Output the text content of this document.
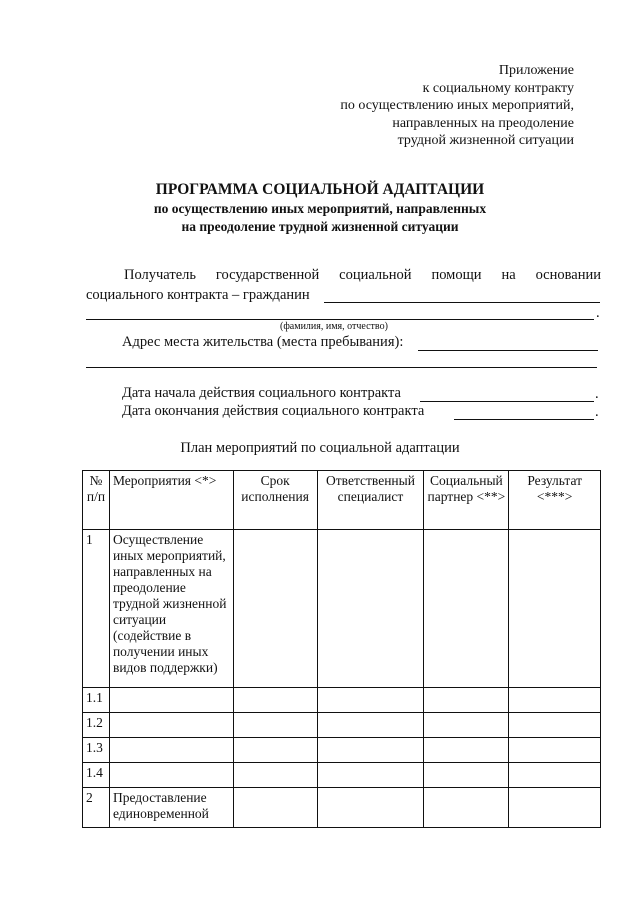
Приложение
к социальному контракту
по осуществлению иных мероприятий,
направленных на преодоление
трудной жизненной ситуации
ПРОГРАММА СОЦИАЛЬНОЙ АДАПТАЦИИ
по осуществлению иных мероприятий, направленных
на преодоление трудной жизненной ситуации
Получатель государственной социальной помощи на основании
социального контракта – гражданин
.
(фамилия, имя, отчество)
Адрес места жительства (места пребывания):
Дата начала действия социального контракта	.
Дата окончания действия социального контракта	.
План мероприятий по социальной адаптации
№ п/п	Мероприятия <*>	Срок исполнения	Ответственный специалист	Социальный партнер <**>	Результат <***>
1	Осуществление иных мероприятий, направленных на преодоление трудной жизненной ситуации (содействие в получении иных видов поддержки)				
1.1					
1.2					
1.3					
1.4					
2	Предоставление единовременной				
